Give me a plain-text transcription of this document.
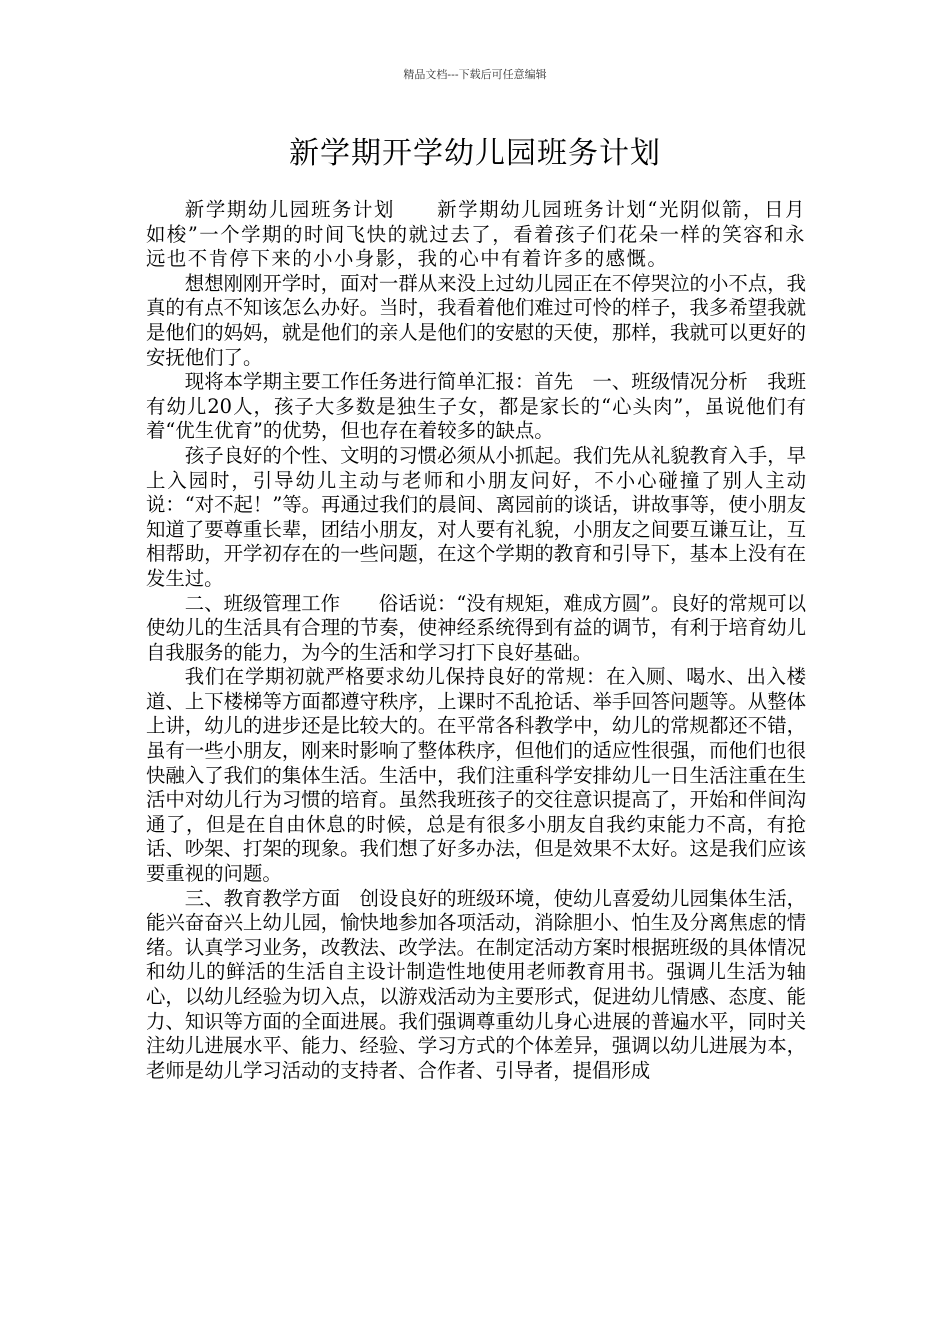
精品文档---下载后可任意编辑
新学期开学幼儿园班务计划

新学期幼儿园班务计划　　新学期幼儿园班务计划“光阴似箭，日月如梭”一个学期的时间飞快的就过去了，看着孩子们花朵一样的笑容和永远也不肯停下来的小小身影，我的心中有着许多的感慨。

想想刚刚开学时，面对一群从来没上过幼儿园正在不停哭泣的小不点，我真的有点不知该怎么办好。当时，我看着他们难过可怜的样子，我多希望我就是他们的妈妈，就是他们的亲人是他们的安慰的天使，那样，我就可以更好的安抚他们了。

现将本学期主要工作任务进行简单汇报：首先　一、班级情况分析　我班有幼儿20人，孩子大多数是独生子女，都是家长的“心头肉”，虽说他们有着“优生优育”的优势，但也存在着较多的缺点。

孩子良好的个性、文明的习惯必须从小抓起。我们先从礼貌教育入手，早上入园时，引导幼儿主动与老师和小朋友问好，不小心碰撞了别人主动说：“对不起！”等。再通过我们的晨间、离园前的谈话，讲故事等，使小朋友知道了要尊重长辈，团结小朋友，对人要有礼貌，小朋友之间要互谦互让，互相帮助，开学初存在的一些问题，在这个学期的教育和引导下，基本上没有在发生过。

二、班级管理工作　　俗话说：“没有规矩，难成方圆”。良好的常规可以使幼儿的生活具有合理的节奏，使神经系统得到有益的调节，有利于培育幼儿自我服务的能力，为今的生活和学习打下良好基础。

我们在学期初就严格要求幼儿保持良好的常规：在入厕、喝水、出入楼道、上下楼梯等方面都遵守秩序，上课时不乱抢话、举手回答问题等。从整体上讲，幼儿的进步还是比较大的。在平常各科教学中，幼儿的常规都还不错，虽有一些小朋友，刚来时影响了整体秩序，但他们的适应性很强，而他们也很快融入了我们的集体生活。生活中，我们注重科学安排幼儿一日生活注重在生活中对幼儿行为习惯的培育。虽然我班孩子的交往意识提高了，开始和伴间沟通了，但是在自由休息的时候，总是有很多小朋友自我约束能力不高，有抢话、吵架、打架的现象。我们想了好多办法，但是效果不太好。这是我们应该要重视的问题。

三、教育教学方面　创设良好的班级环境，使幼儿喜爱幼儿园集体生活，能兴奋奋兴上幼儿园，愉快地参加各项活动，消除胆小、怕生及分离焦虑的情绪。认真学习业务，改教法、改学法。在制定活动方案时根据班级的具体情况和幼儿的鲜活的生活自主设计制造性地使用老师教育用书。强调儿生活为轴心，以幼儿经验为切入点，以游戏活动为主要形式，促进幼儿情感、态度、能力、知识等方面的全面进展。我们强调尊重幼儿身心进展的普遍水平，同时关注幼儿进展水平、能力、经验、学习方式的个体差异，强调以幼儿进展为本，老师是幼儿学习活动的支持者、合作者、引导者，提倡形成
